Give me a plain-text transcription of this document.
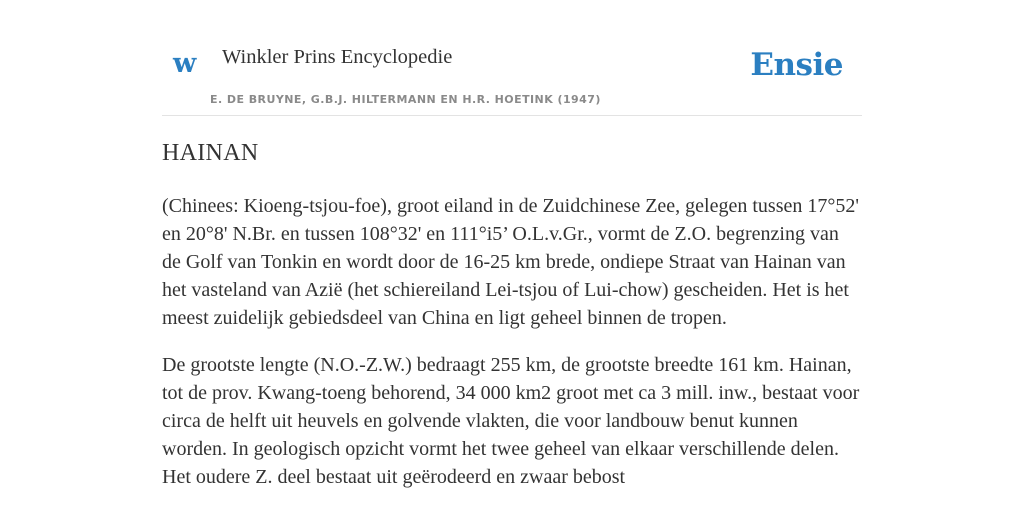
w Winkler Prins Encyclopedie
E. DE BRUYNE, G.B.J. HILTERMANN EN H.R. HOETINK (1947)
Ensie
HAINAN

(Chinees: Kioeng-tsjou-foe), groot eiland in de Zuidchinese Zee, gelegen tussen 17°52' en 20°8' N.Br. en tussen 108°32' en 111°i5’ O.L.v.Gr., vormt de Z.O. begrenzing van de Golf van Tonkin en wordt door de 16-25 km brede, ondiepe Straat van Hainan van het vasteland van Azië (het schiereiland Lei-tsjou of Lui-chow) gescheiden. Het is het meest zuidelijk gebiedsdeel van China en ligt geheel binnen de tropen.

De grootste lengte (N.O.-Z.W.) bedraagt 255 km, de grootste breedte 161 km. Hainan, tot de prov. Kwang-toeng behorend, 34 000 km2 groot met ca 3 mill. inw., bestaat voor circa de helft uit heuvels en golvende vlakten, die voor landbouw benut kunnen worden. In geologisch opzicht vormt het twee geheel van elkaar verschillende delen. Het oudere Z. deel bestaat uit geërodeerd en zwaar bebost
